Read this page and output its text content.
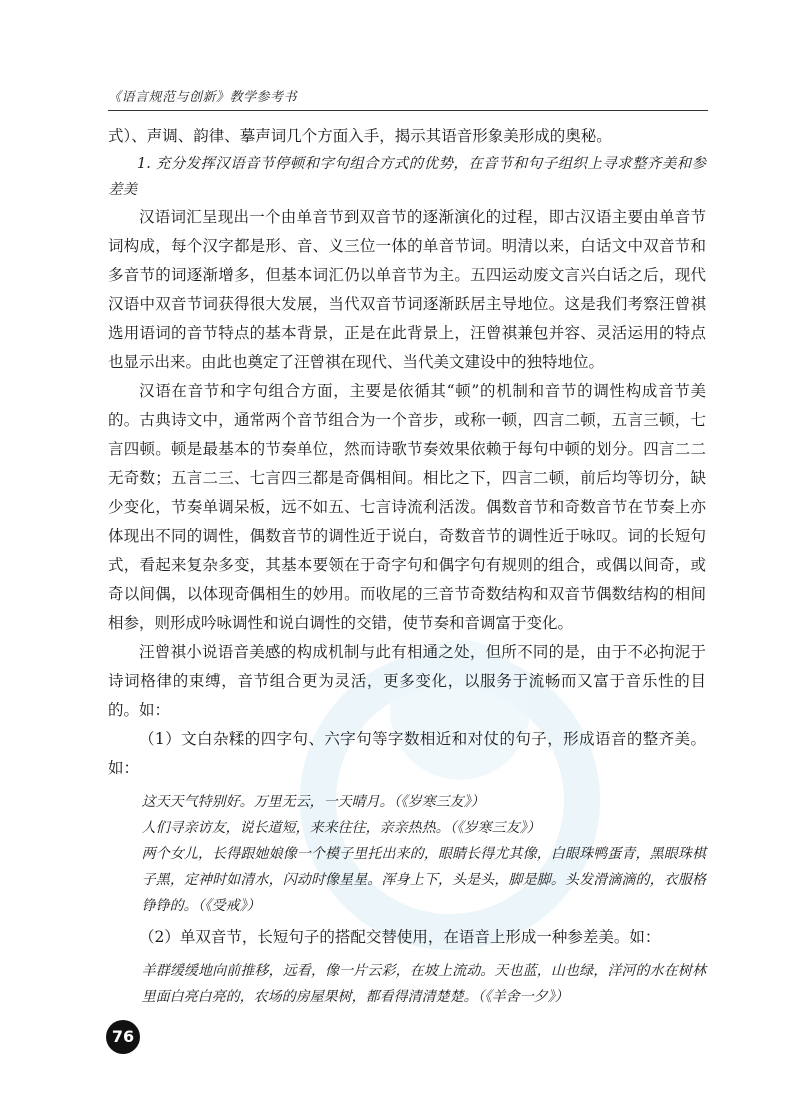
《语言规范与创新》教学参考书

式）、声调、韵律、摹声词几个方面入手，揭示其语音形象美形成的奥秘。

1. 充分发挥汉语音节停顿和字句组合方式的优势，在音节和句子组织上寻求整齐美和参差美

汉语词汇呈现出一个由单音节到双音节的逐渐演化的过程，即古汉语主要由单音节词构成，每个汉字都是形、音、义三位一体的单音节词。明清以来，白话文中双音节和多音节的词逐渐增多，但基本词汇仍以单音节为主。五四运动废文言兴白话之后，现代汉语中双音节词获得很大发展，当代双音节词逐渐跃居主导地位。这是我们考察汪曾祺选用语词的音节特点的基本背景，正是在此背景上，汪曾祺兼包并容、灵活运用的特点也显示出来。由此也奠定了汪曾祺在现代、当代美文建设中的独特地位。

汉语在音节和字句组合方面，主要是依循其“顿”的机制和音节的调性构成音节美的。古典诗文中，通常两个音节组合为一个音步，或称一顿，四言二顿，五言三顿，七言四顿。顿是最基本的节奏单位，然而诗歌节奏效果依赖于每句中顿的划分。四言二二无奇数；五言二三、七言四三都是奇偶相间。相比之下，四言二顿，前后均等切分，缺少变化，节奏单调呆板，远不如五、七言诗流利活泼。偶数音节和奇数音节在节奏上亦体现出不同的调性，偶数音节的调性近于说白，奇数音节的调性近于咏叹。词的长短句式，看起来复杂多变，其基本要领在于奇字句和偶字句有规则的组合，或偶以间奇，或奇以间偶，以体现奇偶相生的妙用。而收尾的三音节奇数结构和双音节偶数结构的相间相参，则形成吟咏调性和说白调性的交错，使节奏和音调富于变化。

汪曾祺小说语音美感的构成机制与此有相通之处，但所不同的是，由于不必拘泥于诗词格律的束缚，音节组合更为灵活，更多变化，以服务于流畅而又富于音乐性的目的。如：

（1）文白杂糅的四字句、六字句等字数相近和对仗的句子，形成语音的整齐美。如：

这天天气特别好。万里无云，一天晴月。（《岁寒三友》）

人们寻亲访友，说长道短，来来往往，亲亲热热。（《岁寒三友》）

两个女儿，长得跟她娘像一个模子里托出来的，眼睛长得尤其像，白眼珠鸭蛋青，黑眼珠棋子黑，定神时如清水，闪动时像星星。浑身上下，头是头，脚是脚。头发滑滴滴的，衣服格铮铮的。（《受戒》）

（2）单双音节，长短句子的搭配交替使用，在语音上形成一种参差美。如：

羊群缓缓地向前推移，远看，像一片云彩，在坡上流动。天也蓝，山也绿，洋河的水在树林里面白亮白亮的，农场的房屋果树，都看得清清楚楚。（《羊舍一夕》）

76
